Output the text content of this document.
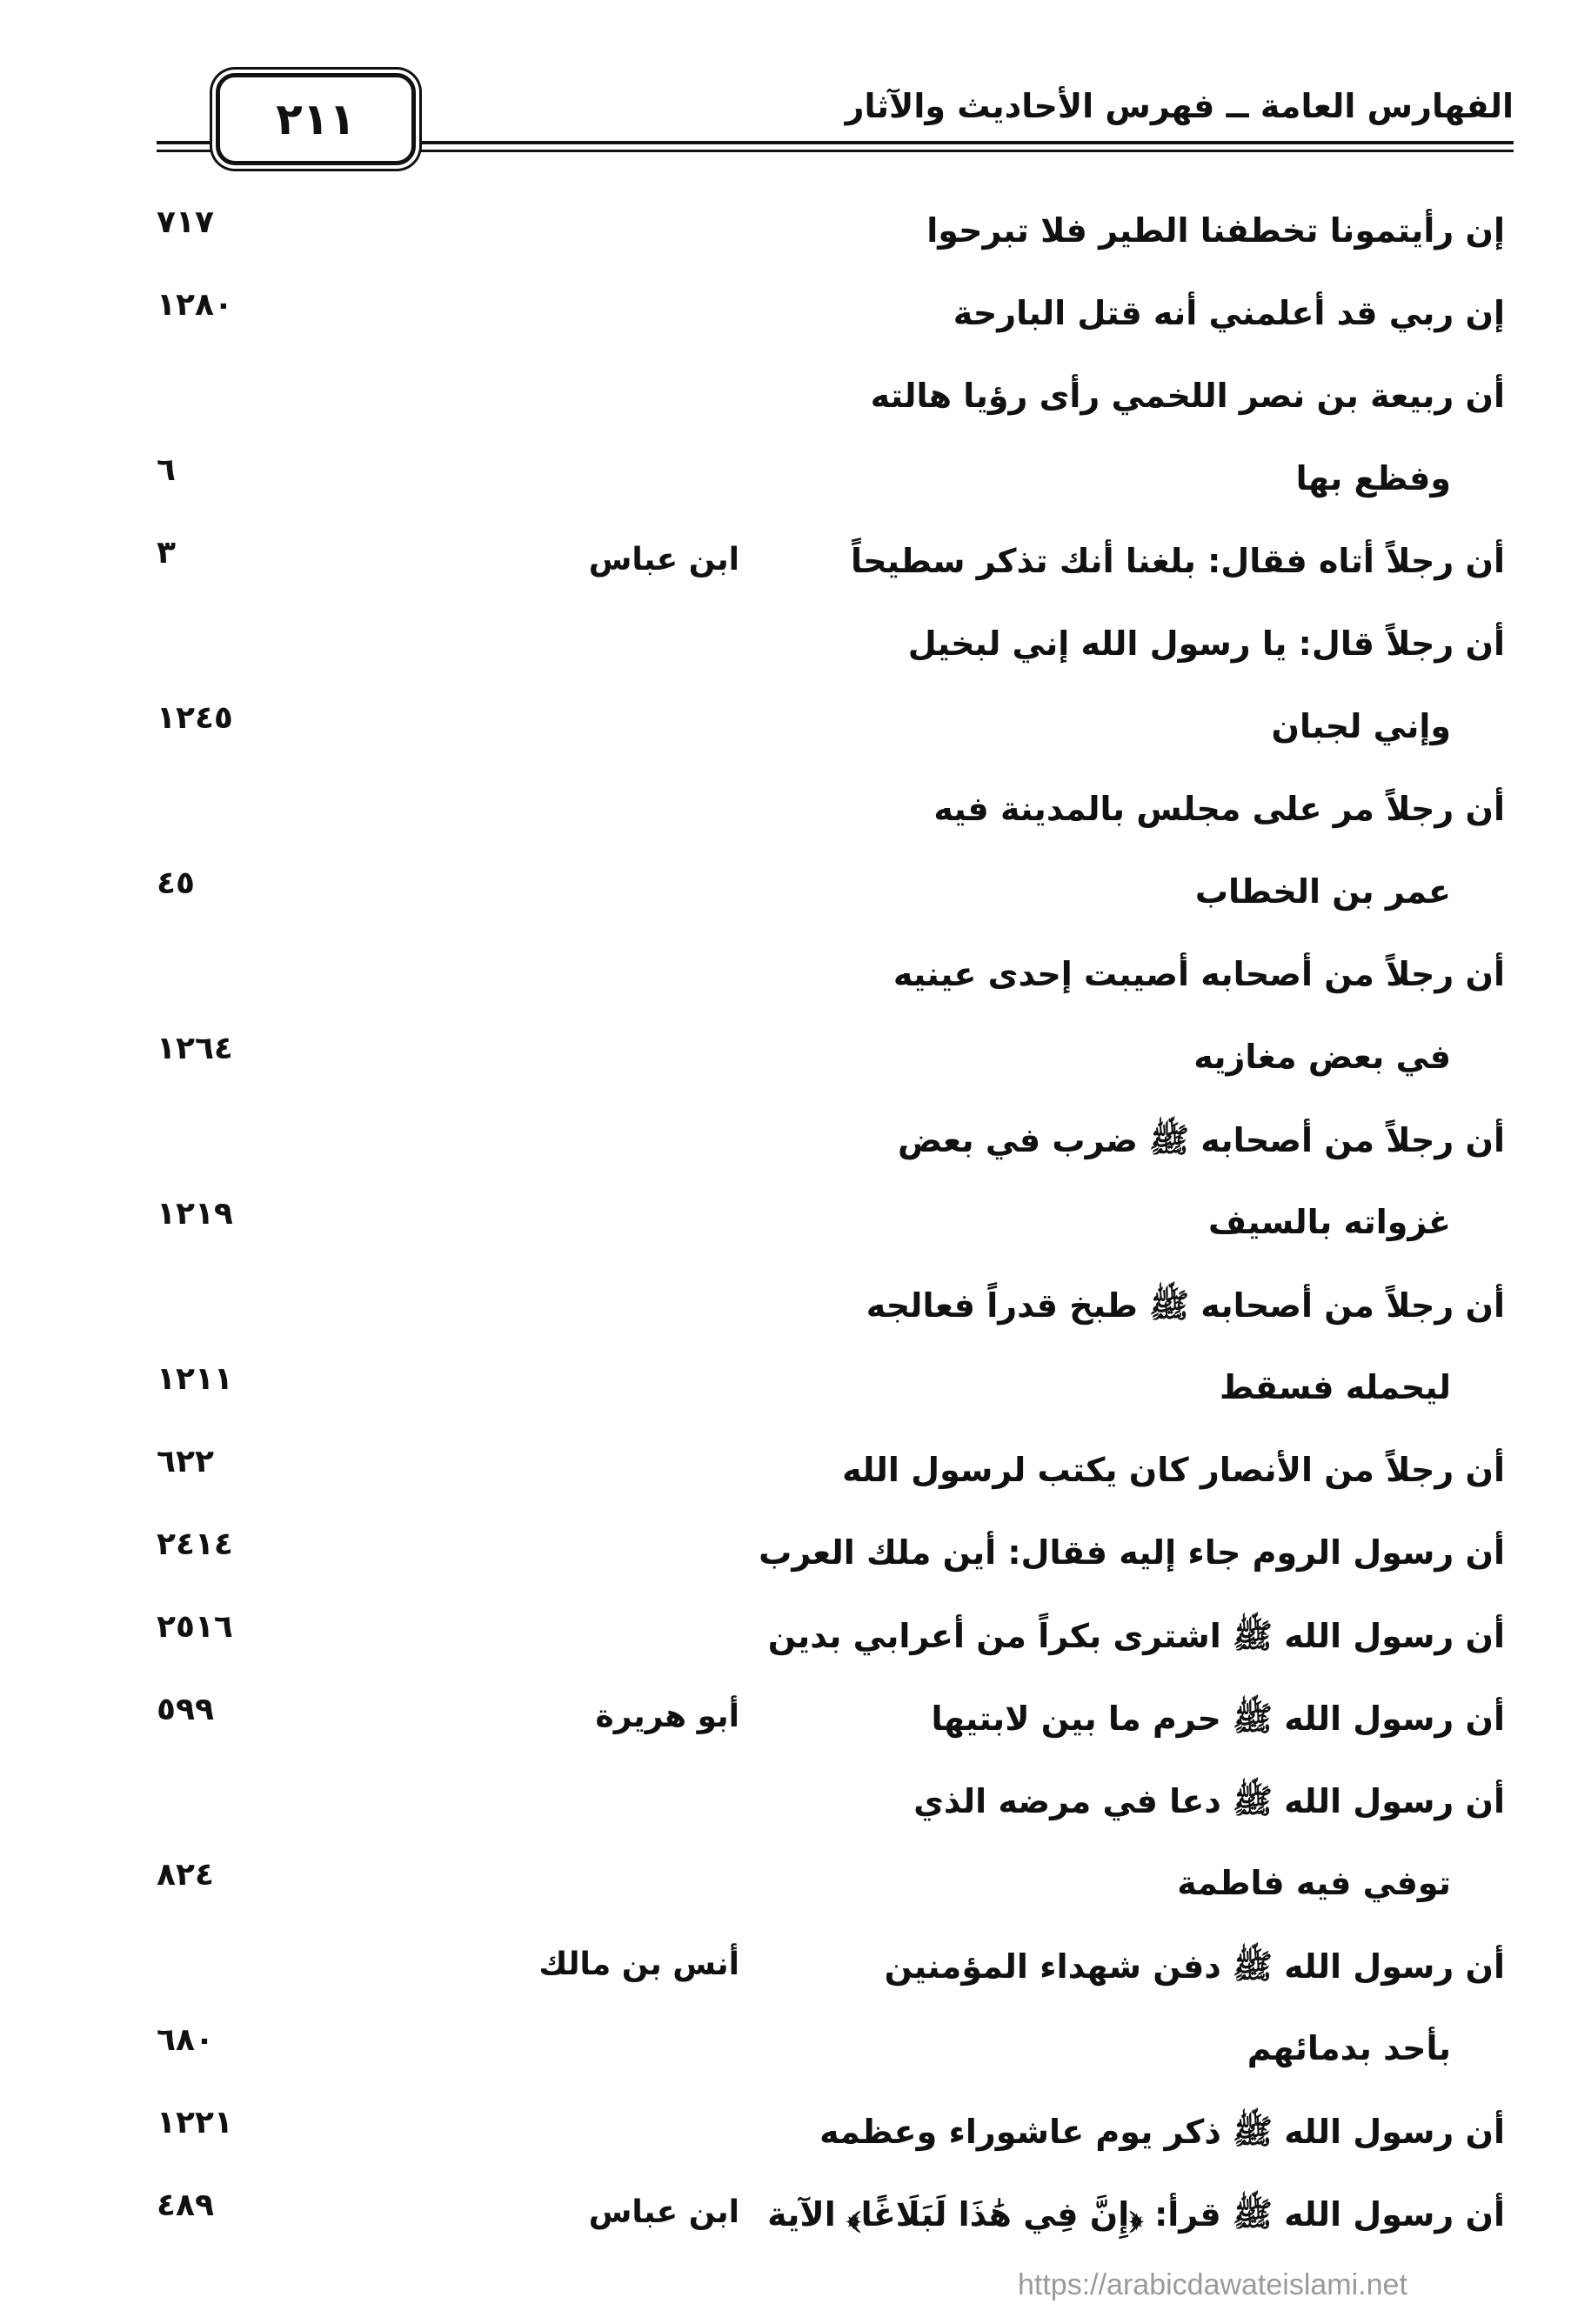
٢١١	الفهارس العامة ــ فهرس الأحاديث والآثار
إن رأيتمونا تخطفنا الطير فلا تبرحوا
٧١٧
إن ربي قد أعلمني أنه قتل البارحة
١٢٨٠
أن ربيعة بن نصر اللخمي رأى رؤيا هالته
وفظع بها
٦
أن رجلاً أتاه فقال: بلغنا أنك تذكر سطيحاً
ابن عباس
٣
أن رجلاً قال: يا رسول الله إني لبخيل
وإني لجبان
١٢٤٥
أن رجلاً مر على مجلس بالمدينة فيه
عمر بن الخطاب
٤٥
أن رجلاً من أصحابه أصيبت إحدى عينيه
في بعض مغازيه
١٢٦٤
أن رجلاً من أصحابه ﷺ ضرب في بعض
غزواته بالسيف
١٢١٩
أن رجلاً من أصحابه ﷺ طبخ قدراً فعالجه
ليحمله فسقط
١٢١١
أن رجلاً من الأنصار كان يكتب لرسول الله
٦٢٢
أن رسول الروم جاء إليه فقال: أين ملك العرب
٢٤١٤
أن رسول الله ﷺ اشترى بكراً من أعرابي بدين
٢٥١٦
أن رسول الله ﷺ حرم ما بين لابتيها
أبو هريرة
٥٩٩
أن رسول الله ﷺ دعا في مرضه الذي
توفي فيه فاطمة
٨٢٤
أن رسول الله ﷺ دفن شهداء المؤمنين
أنس بن مالك
بأحد بدمائهم
٦٨٠
أن رسول الله ﷺ ذكر يوم عاشوراء وعظمه
١٢٢١
أن رسول الله ﷺ قرأ: ﴿إِنَّ فِي هَٰذَا لَبَلَاغًا﴾ الآية
ابن عباس
٤٨٩
https://arabicdawateislami.net
